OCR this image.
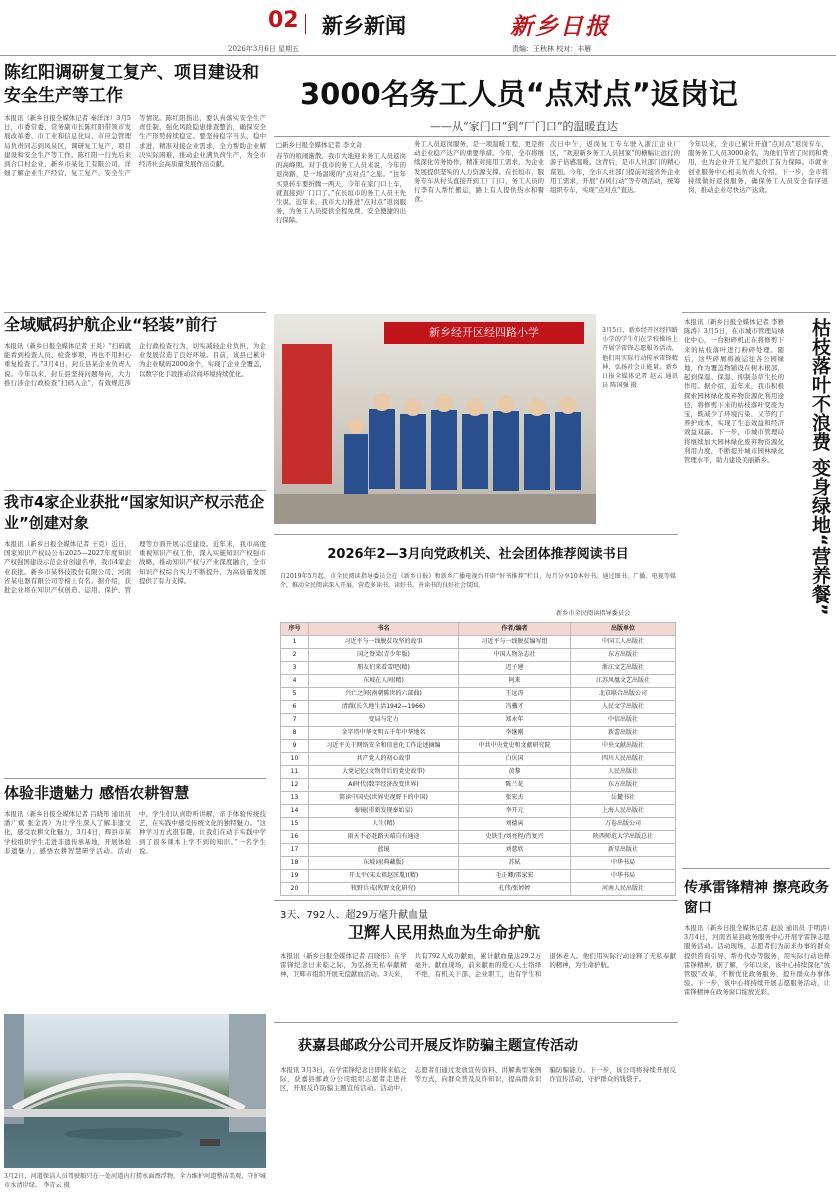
02 新乡新闻
2026年3月6日 星期五
新乡日报
责编：王秋林 校对：丰雁
陈红阳调研复工复产、项目建设和安全生产等工作
本报讯（新乡日报全媒体记者 秦洋洋）3月5日，市委常委、常务副市长陈红阳带领市发展改革委、市工业和信息化局、市应急管理局负责同志到凤泉区，调研复工复产、项目建设和安全生产等工作。陈红阳一行先后来到合口村企业、新乡市某化工有限公司，详细了解企业生产经营、复工复产、安全生产等情况。陈红阳指出，要认真落实安全生产责任制，强化风险隐患排查整治，确保安全生产形势持续稳定。要坚持稳字当头、稳中求进，精准对接企业需求，全力帮助企业解决实际困难，推动企业满负荷生产，为全市经济社会高质量发展作出贡献。
全域赋码护航企业“轻装”前行
本报讯（新乡日报全媒体记者 王炎）“扫码就能看到检查人员、检查事项，再也不用担心重复检查了。”3月4日，封丘县某企业负责人说。今年以来，封丘县坚持问题导向，大力推行涉企行政检查“扫码入企”，有效规范涉企行政检查行为，切实减轻企业负担，为企业发展营造了良好环境。目前，该县已累计为企业赋码2000余个，实现了企业全覆盖，以数字化手段推动营商环境持续优化。
我市4家企业获批“国家知识产权示范企业”创建对象
本报讯（新乡日报全媒体记者 王克）近日，国家知识产权局公布2025—2027年度知识产权强国建设示范企业创建名单，我市4家企业获批。新乡市某科技股份有限公司、河南省某电器有限公司等榜上有名。据介绍，获批企业将在知识产权创造、运用、保护、管理等方面开展示范建设。近年来，我市高度重视知识产权工作，深入实施知识产权强市战略，推动知识产权与产业深度融合，全市知识产权综合实力不断提升，为高质量发展提供了有力支撑。
体验非遗魅力 感悟农耕智慧
本报讯（新乡日报全媒体记者 吕晓彤 通讯员 潘广斌 张金涛）为让学生深入了解非遗文化，感受农耕文化魅力，3月4日，辉县市某学校组织学生走进非遗传承基地，开展体验非遗魅力、感悟农耕智慧研学活动。活动中，学生们认真聆听讲解，亲手体验传统技艺，在实践中感受传统文化的独特魅力。“这种学习方式很有趣，让我们在动手实践中学到了很多课本上学不到的知识。”一名学生说。
3月2日，河道保洁人员驾驶船只在一处河道内打捞水面漂浮物，全力维护河道整洁美观，守护城市水清岸绿。 李青云 摄
3000名务工人员“点对点”返岗记
——从“家门口”到“厂门口”的温暖直达
□新乡日报全媒体记者 李文奇
春节的喧闹渐散，我市大地迎来务工人员返岗的高峰期。对于我市的务工人员来说，今年的返岗路，是一场温暖的“点对点”之旅。“往年买票转车要折腾一两天，今年在家门口上车，就直接到厂门口了。”在长垣市的务工人员王先生说。近年来，我市大力推进“点对点”返岗服务，为务工人员提供全程免费、安全便捷的出行保障。
务工人员返岗服务，是一项温暖工程，更是推动企业稳产达产的重要举措。今年，全市将继续深化劳务协作，精准对接用工需求，为企业发展提供坚实的人力资源支撑。在长垣市，服务专车从村头直接开到工厂门口，务工人员的行李有人帮忙搬运，路上有人提供热水和餐食。
次日中午，返岗复工专车驶入浙江企业厂区，“欢迎新乡务工人员回家”的横幅让远行的游子倍感温暖。这背后，是市人社部门的精心谋划。今年，全市人社部门提前对接省外企业用工需求，开展“春风行动”等专项活动，统筹组织专车，实现“点对点”直达。
今年以来，全市已累计开通“点对点”返岗专车，服务务工人员3000余名，为他们节省了时间和费用，也为企业开工复产提供了有力保障。市就业创业服务中心相关负责人介绍，下一步，全市将持续做好返岗服务，确保务工人员安全有序返岗，推动企业尽快达产达效。
新乡经开区经四路小学	3月5日，新乡经开区经四路小学的学生们在学校操场上开展学雷锋志愿服务活动，他们用实际行动传承雷锋精神，弘扬社会正能量。新乡日报全媒体记者 赵云 通讯员 陈国强 摄
2026年2—3月向党政机关、社会团体推荐阅读书目
自2019年5月起，市全民阅读指导委员会在《新乡日报》和新乡广播电视台开辟“好书推荐”栏目，每月分享10本好书。通过图书、广播、电视等媒介，推动全民阅读深入开展，营造多读书、读好书、善读书的良好社会氛围。
新乡市全民阅读指导委员会
序号	书名	作者/编者	出版单位
1	习近平与一线脱贫攻坚的故事	习近平与一线脱贫编写组	中国工人出版社
2	国之脊梁(青少年版)	中国人物杂志社	东方出版社
3	朋友们来看雪吧(精)	迟子建	浙江文艺出版社
4	东坡在人间(精)	阿来	江苏凤凰文艺出版社
5	兴亡之间(南朝陈世的六部曲)	王远涛	北京联合出版公司
6	清澈(长久地生活1942—1966)	冯骥才	人民文学出版社
7	变局与定力	郑永年	中信出版社
8	金字塔中华文明五千年中华地名	李继刚	新蕾出版社
9	习近平关于网络安全和信息化工作论述摘编	中共中央党史和文献研究院	中央文献出版社
10	共产党人的初心故事	白庆国	四川人民出版社
11	大党记忆(文物背后的党史故事)	黄黎	人民出版社
12	AI时代(数字经济改变世界)	陈兰花	东方出版社
13	简读中国史(世界史视野下的中国)	张宏杰	岳麓书社
14	秦镜(重新发现秦始皇)	李开元	上海人民出版社
15	人生(精)	刘德寅	万卷出版公司
16	雨天不必赶路天晴自有通途	史铁生/刘亮程/肖复兴	陕西师范大学出版总社
17	蓝镜	刘慈欣	新星出版社
18	东坡词(典藏版)	苏轼	中华书局
19	开太平(宋太祖赵匡胤)(精)	毛正卿/雷家宏	中华书局
20	牧野兵戎(牧野文化研究)	孔伟/张婷婷	河南人民出版社
本报讯（新乡日报全媒体记者 李雅 陈涛）3月5日，在市城市管理局绿化中心，一台粉碎机正在将修剪下来的枯枝落叶进行粉碎处理。随后，这些碎屑将被运往各公园绿地，作为覆盖物铺设在树木根部，起到保湿、保温、抑制杂草生长的作用。据介绍，近年来，我市积极探索园林绿化废弃物资源化利用途径，将修剪下来的枯枝落叶变废为宝，既减少了环境污染，又节约了养护成本，实现了生态效益和经济效益双赢。下一步，市城市管理局将继续加大园林绿化废弃物资源化利用力度，不断提升城市园林绿化管理水平，助力建设美丽新乡。	枯枝落叶不浪费 变身绿地“营养餐”
传承雷锋精神 擦亮政务窗口
本报讯（新乡日报全媒体记者 赵波 通讯员 于明涛）3月4日，河南省某县政务服务中心开展学雷锋志愿服务活动。活动现场，志愿者们为前来办事的群众提供咨询引导、帮办代办等服务，用实际行动诠释雷锋精神。据了解，今年以来，该中心持续深化“放管服”改革，不断优化政务服务，提升群众办事体验。下一步，该中心将持续开展志愿服务活动，让雷锋精神在政务窗口绽放光彩。
3天、792人、超29万毫升献血量
卫辉人民用热血为生命护航
本报讯（新乡日报全媒体记者 吕晓彤）在学雷锋纪念日来临之际，为弘扬无私奉献精神，卫辉市组织开展无偿献血活动。3天来，共有792人成功献血，累计献血量达29.2万毫升。献血现场，前来献血的爱心人士络绎不绝，有机关干部、企业职工，也有学生和退休老人。他们用实际行动诠释了无私奉献的精神，为生命护航。
获嘉县邮政分公司开展反诈防骗主题宣传活动
本报讯 3月3日，在学雷锋纪念日即将来临之际，获嘉县邮政分公司组织志愿者走进社区，开展反诈防骗主题宣传活动。活动中，志愿者们通过发放宣传资料、讲解典型案例等方式，向群众普及反诈知识，提高群众识骗防骗能力。下一步，该公司将持续开展反诈宣传活动，守护群众的钱袋子。
